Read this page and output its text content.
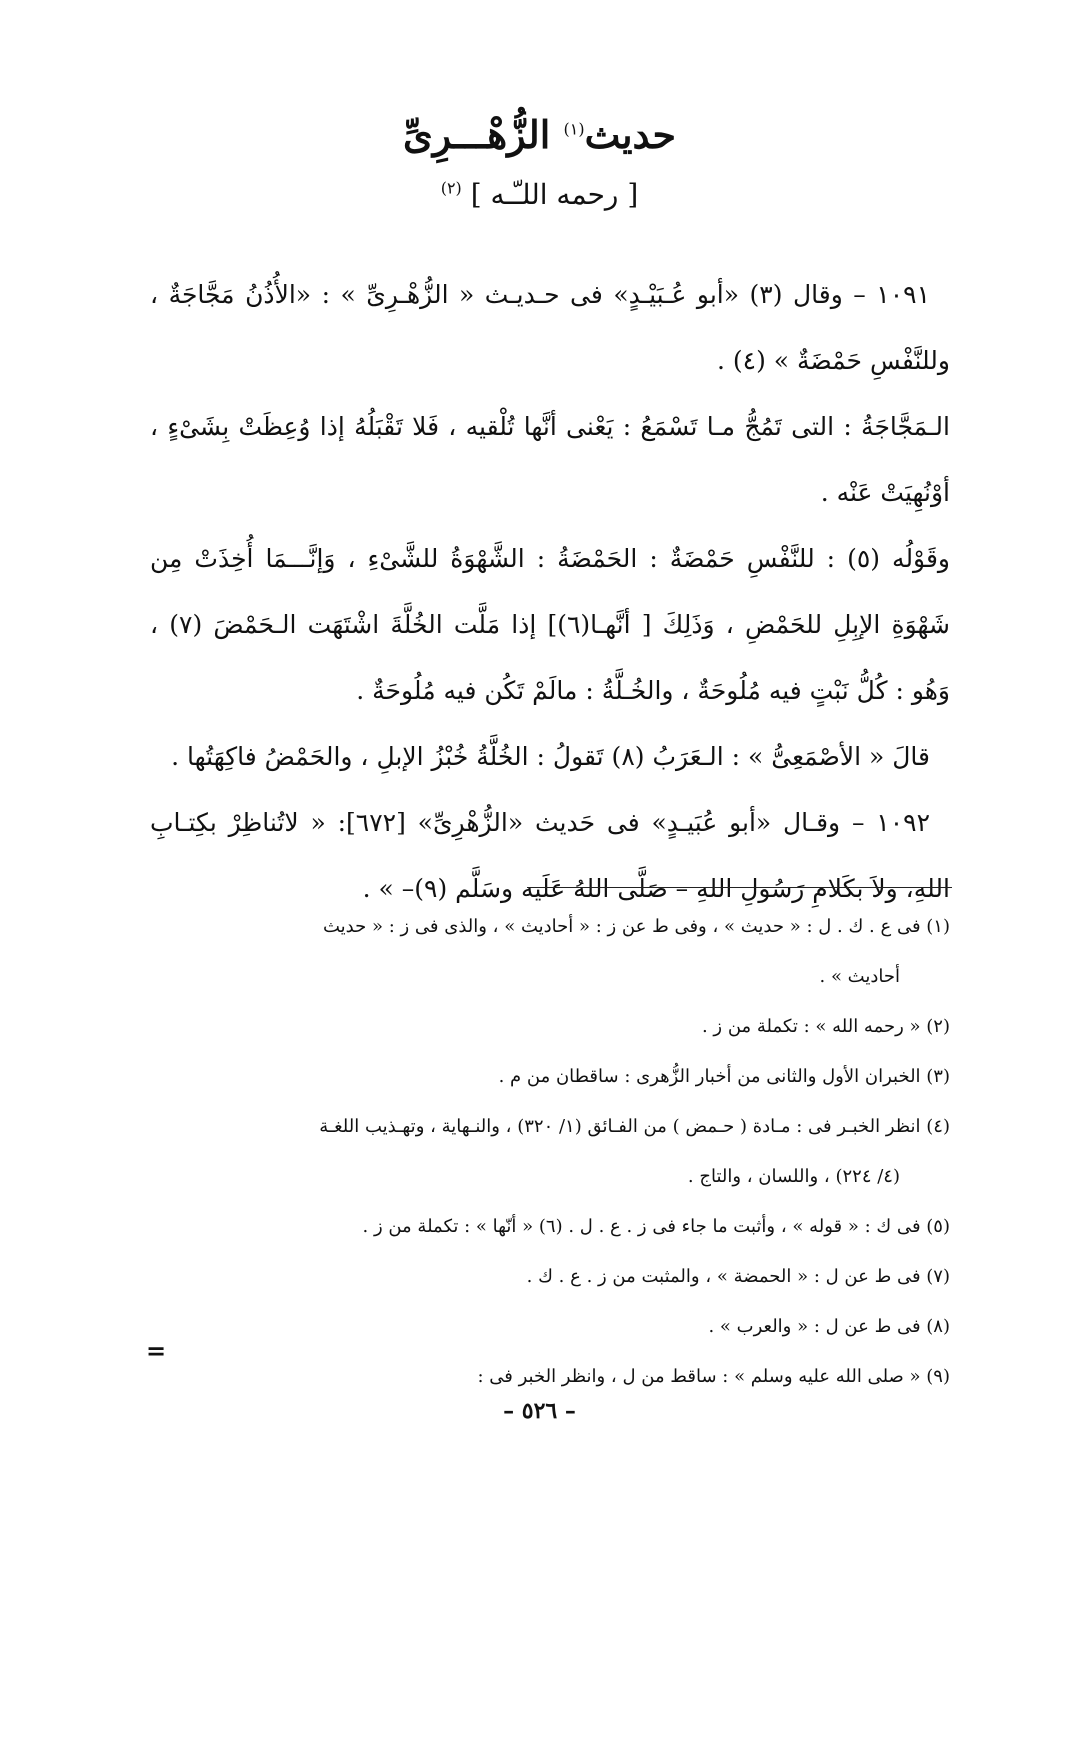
حديث$^{(١)}$ الزُّهْـــرِىِّ
[ رحمه اللـّـه ] $^{(٢)}$

١٠٩١ – وقال (٣) «أبو عُـبَيْـدٍ» فى حـديـث « الزُّهْـرِىِّ » : «الأُذُنُ مَجَّاجَةٌ ، وللنَّفْسِ حَمْضَةٌ » (٤) .

الـمَجَّاجَةُ : التى تَمُجُّ مـا تَسْمَعُ : يَعْنى أنَّها تُلْقيه ، فَلا تَقْبَلُهُ إذا وُعِظَتْ بِشَىْءٍ ، أوْنُهِيَتْ عَنْه .

وقَوْلُه (٥) : للنَّفْسِ حَمْضَةٌ : الحَمْضَةُ : الشَّهْوَةُ للشَّىْءِ ، وَإنَّـــمَا أُخِذَتْ مِن شَهْوَةِ الإبِلِ للحَمْضِ ، وَذَلِكَ [ أنَّهـا(٦)] إذا مَلَّت الخُلَّةَ اشْتَهَت الـحَمْضَ (٧) ، وَهُو : كُلُّ نَبْتٍ فيه مُلُوحَةٌ ، والخُـلَّةُ : مالَمْ تَكُن فيه مُلُوحَةٌ .

قالَ « الأصْمَعِىُّ » : الـعَرَبُ (٨) تَقولُ : الخُلَّةُ خُبْزُ الإبلِ ، والحَمْضُ فاكِهَتُها .

١٠٩٢ – وقـال «أبو عُبَيـدٍ» فى حَديث «الزُّهْرِىِّ» [٦٧٢]: « لاتُناظِرْ بكِتـابِ اللهِ، ولاَ بكَلامِ رَسُولِ اللهِ – صَلَّى اللهُ عَلَيه وسَلَّم (٩)– » .

(١) فى ع . ك . ل : « حديث » ، وفى ط عن ز : « أحاديث » ، والذى فى ز : « حديث

أحاديث » .

(٢) « رحمه الله » : تكملة من ز .

(٣) الخبران الأول والثانى من أخبار الزُّهرى : ساقطان من م .

(٤) انظر الخبـر فى : مـادة ( حـمض ) من الفـائق (١/ ٣٢٠) ، والنـهاية ، وتهـذيب اللغـة

(٤/ ٢٢٤) ، واللسان ، والتاج .

(٥) فى ك : « قوله » ، وأثبت ما جاء فى ز . ع . ل . (٦) « أنّها » : تكملة من ز .

(٧) فى ط عن ل : « الحمضة » ، والمثبت من ز . ع . ك .

(٨) فى ط عن ل : « والعرب » .

(٩) « صلى الله عليه وسلم » : ساقط من ل ، وانظر الخبر فى :

=
– ٥٢٦ –
